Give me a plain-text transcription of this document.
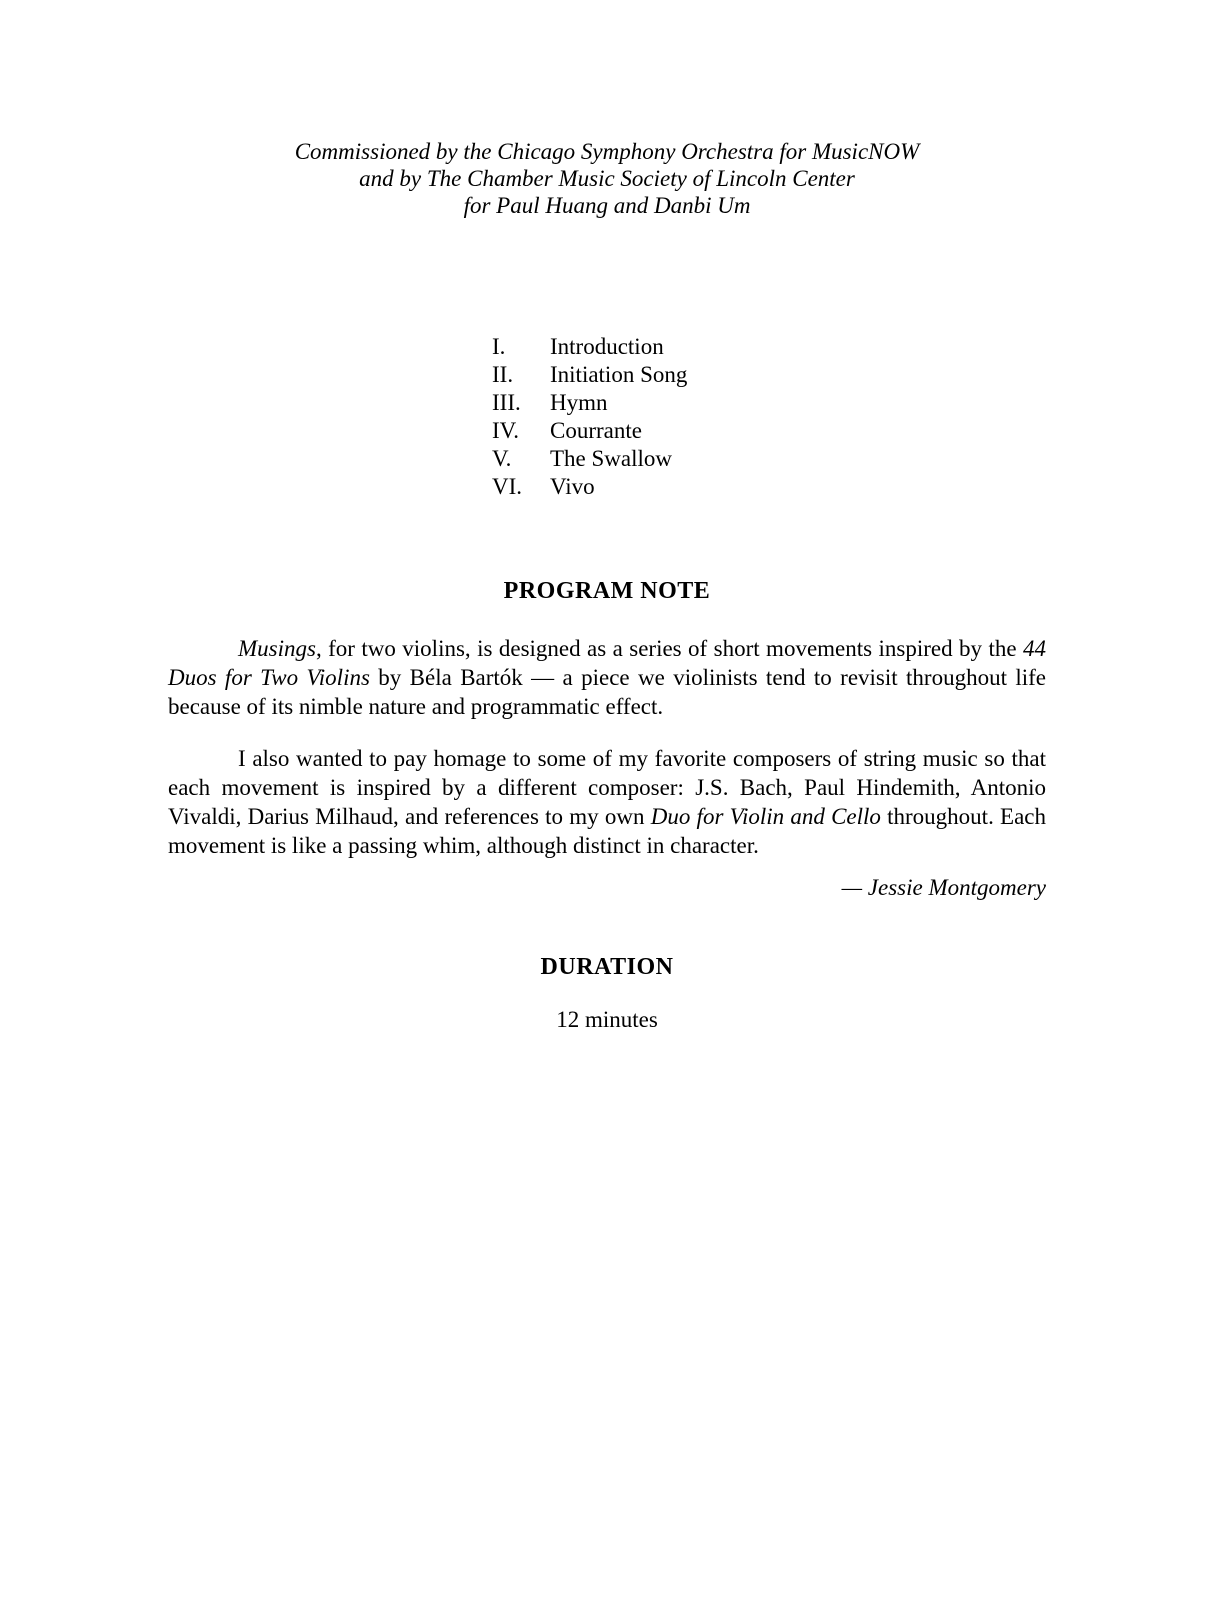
Commissioned by the Chicago Symphony Orchestra for MusicNOW
and by The Chamber Music Society of Lincoln Center
for Paul Huang and Danbi Um
I.	Introduction
II.	Initiation Song
III.	Hymn
IV.	Courrante
V.	The Swallow
VI.	Vivo
PROGRAM NOTE

Musings, for two violins, is designed as a series of short movements inspired by the 44 Duos for Two Violins by Béla Bartók — a piece we violinists tend to revisit throughout life because of its nimble nature and programmatic effect.

I also wanted to pay homage to some of my favorite composers of string music so that each movement is inspired by a different composer: J.S. Bach, Paul Hindemith, Antonio Vivaldi, Darius Milhaud, and references to my own Duo for Violin and Cello throughout. Each movement is like a passing whim, although distinct in character.

— Jessie Montgomery
DURATION
12 minutes
